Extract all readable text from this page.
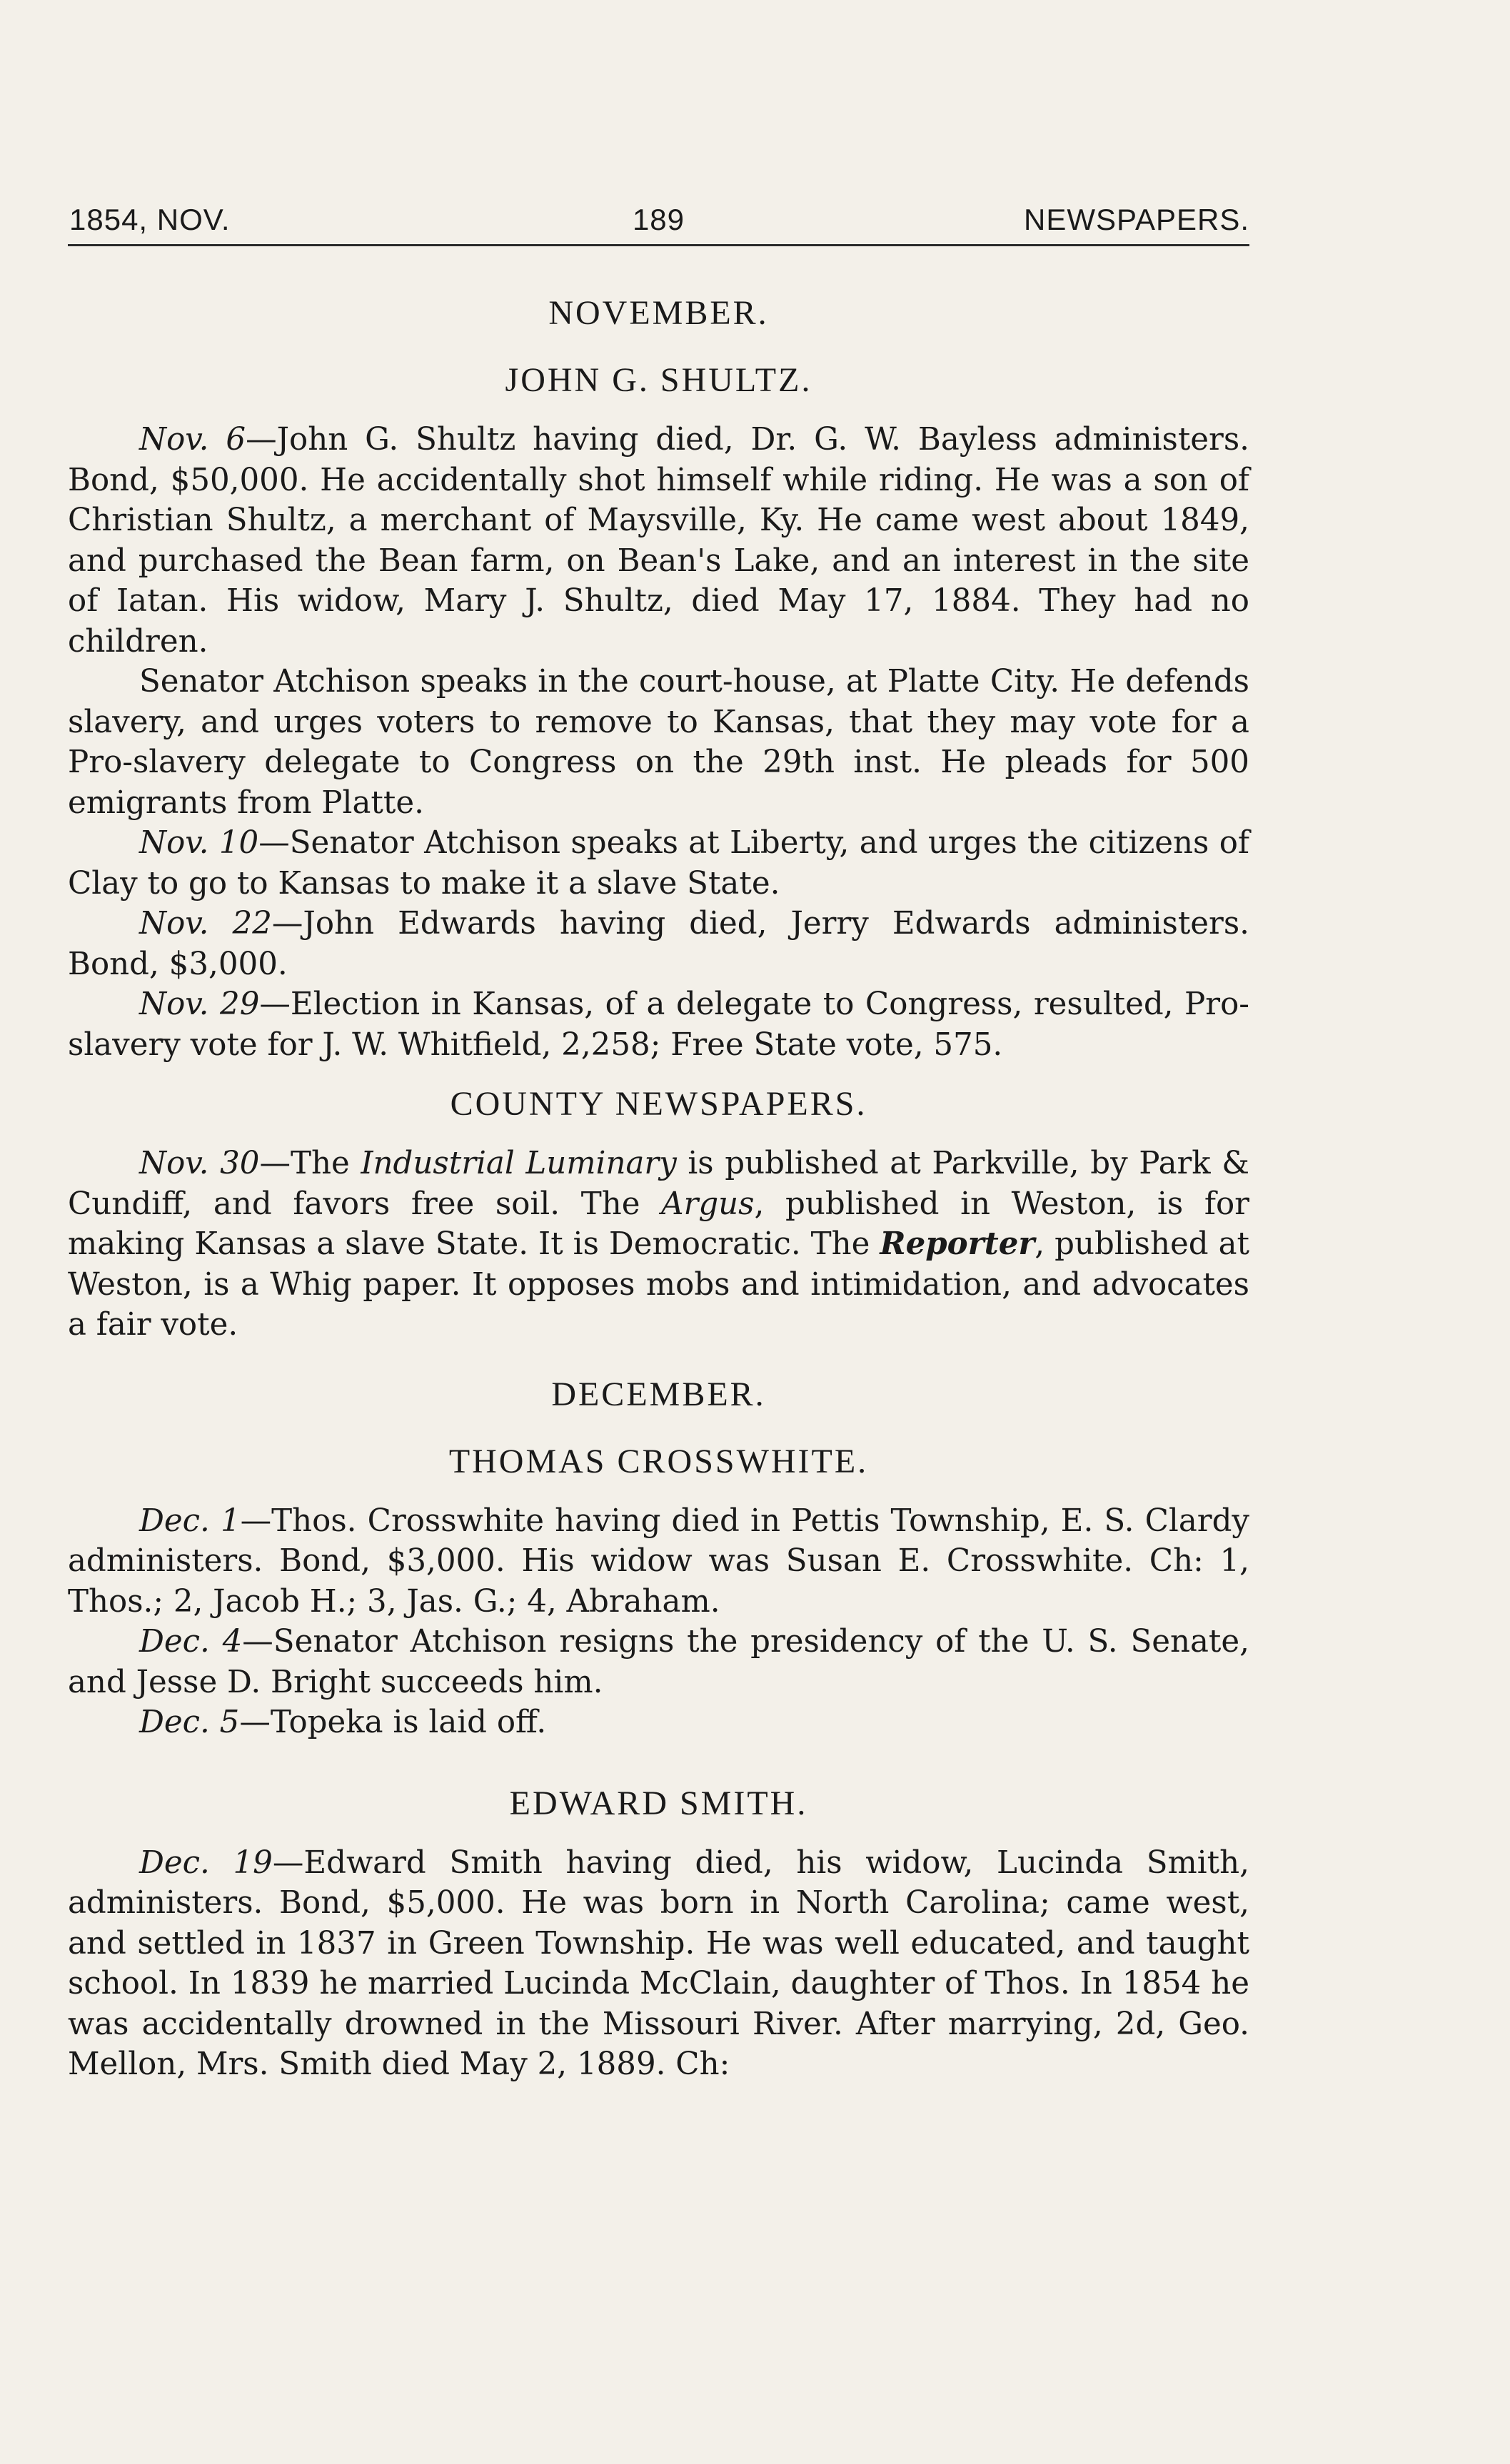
1854, NOV.	189	NEWSPAPERS.
NOVEMBER.
JOHN G. SHULTZ.

Nov. 6—John G. Shultz having died, Dr. G. W. Bayless administers. Bond, $50,000. He accidentally shot himself while riding. He was a son of Christian Shultz, a merchant of Maysville, Ky. He came west about 1849, and purchased the Bean farm, on Bean's Lake, and an interest in the site of Iatan. His widow, Mary J. Shultz, died May 17, 1884. They had no children.

Senator Atchison speaks in the court-house, at Platte City. He defends slavery, and urges voters to remove to Kansas, that they may vote for a Pro-slavery delegate to Congress on the 29th inst. He pleads for 500 emigrants from Platte.

Nov. 10—Senator Atchison speaks at Liberty, and urges the citizens of Clay to go to Kansas to make it a slave State.

Nov. 22—John Edwards having died, Jerry Edwards administers. Bond, $3,000.

Nov. 29—Election in Kansas, of a delegate to Congress, resulted, Pro-slavery vote for J. W. Whitfield, 2,258; Free State vote, 575.

COUNTY NEWSPAPERS.

Nov. 30—The Industrial Luminary is published at Parkville, by Park & Cundiff, and favors free soil. The Argus, published in Weston, is for making Kansas a slave State. It is Democratic. The Reporter, published at Weston, is a Whig paper. It opposes mobs and intimidation, and advocates a fair vote.

DECEMBER.
THOMAS CROSSWHITE.

Dec. 1—Thos. Crosswhite having died in Pettis Township, E. S. Clardy administers. Bond, $3,000. His widow was Susan E. Crosswhite. Ch: 1, Thos.; 2, Jacob H.; 3, Jas. G.; 4, Abraham.

Dec. 4—Senator Atchison resigns the presidency of the U. S. Senate, and Jesse D. Bright succeeds him.

Dec. 5—Topeka is laid off.

EDWARD SMITH.

Dec. 19—Edward Smith having died, his widow, Lucinda Smith, administers. Bond, $5,000. He was born in North Carolina; came west, and settled in 1837 in Green Township. He was well educated, and taught school. In 1839 he married Lucinda McClain, daughter of Thos. In 1854 he was accidentally drowned in the Missouri River. After marrying, 2d, Geo. Mellon, Mrs. Smith died May 2, 1889. Ch:
